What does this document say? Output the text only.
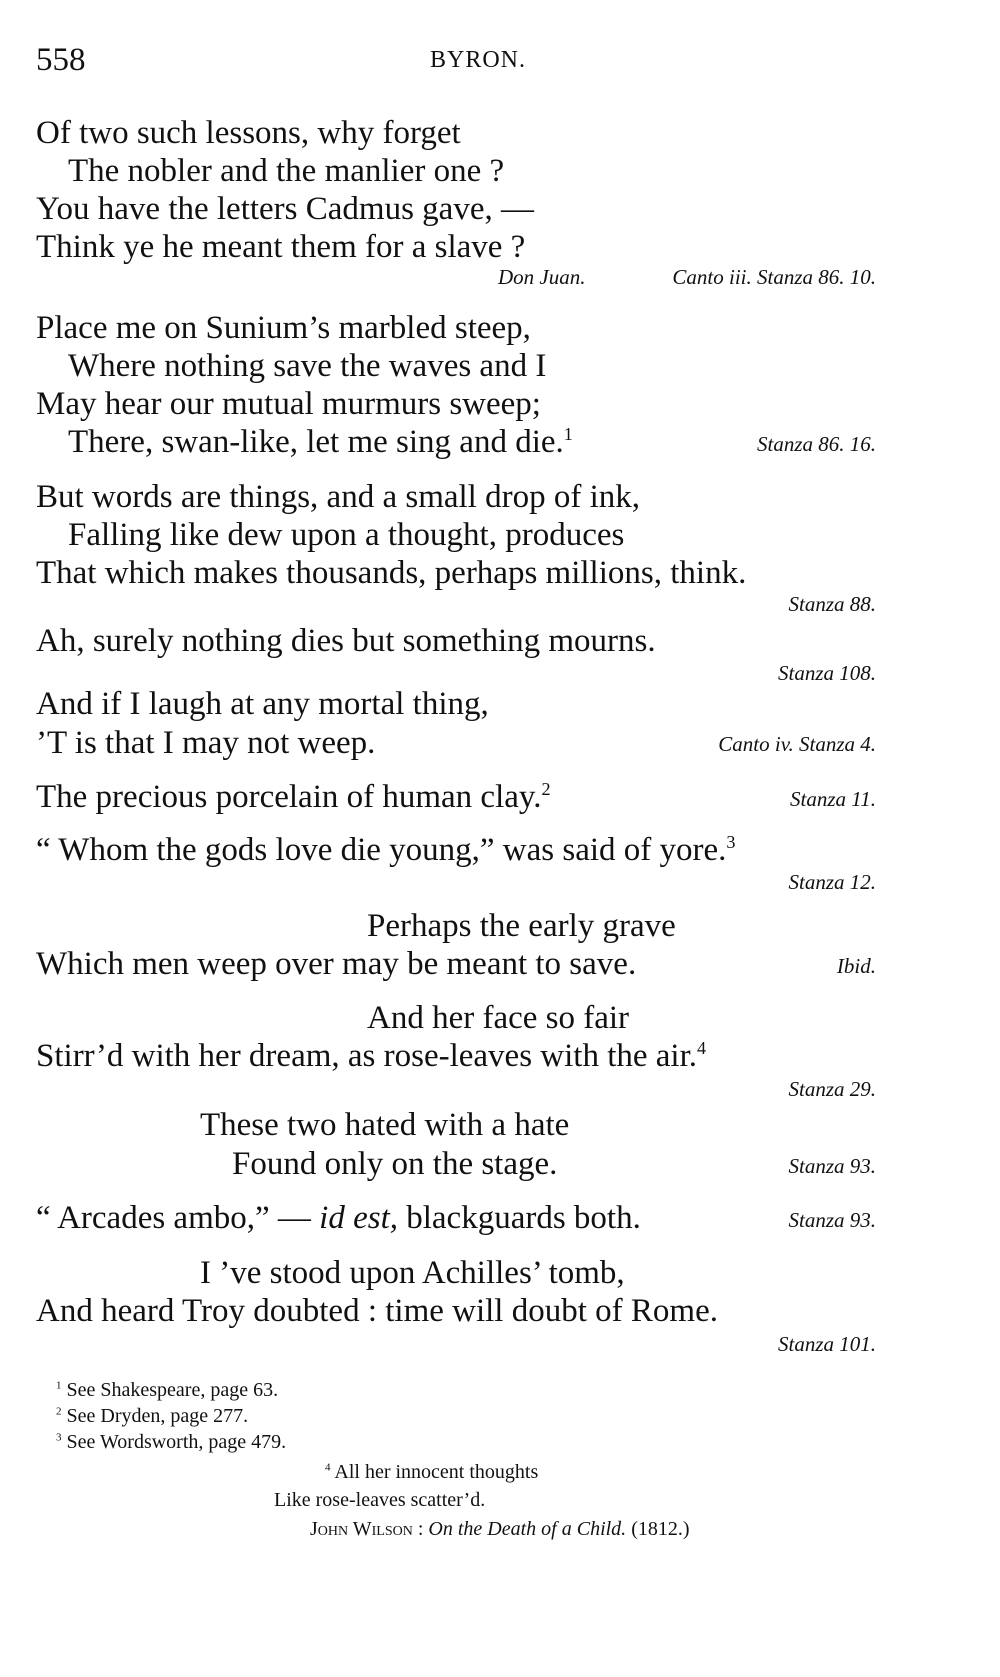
558	BYRON.
Of two such lessons, why forget
The nobler and the manlier one ?
You have the letters Cadmus gave, —
Think ye he meant them for a slave ?
Don Juan.	Canto iii. Stanza 86. 10.
Place me on Sunium’s marbled steep,
Where nothing save the waves and I
May hear our mutual murmurs sweep;
There, swan-like, let me sing and die.$^1$	Stanza 86. 16.
But words are things, and a small drop of ink,
Falling like dew upon a thought, produces
That which makes thousands, perhaps millions, think.
Stanza 88.
Ah, surely nothing dies but something mourns.
Stanza 108.
And if I laugh at any mortal thing,
’T is that I may not weep.	Canto iv. Stanza 4.
The precious porcelain of human clay.$^2$	Stanza 11.
“ Whom the gods love die young,” was said of yore.$^3$
Stanza 12.
Perhaps the early grave
Which men weep over may be meant to save.	Ibid.
And her face so fair
Stirr’d with her dream, as rose-leaves with the air.$^4$
Stanza 29.
These two hated with a hate
Found only on the stage.	Stanza 93.
“ Arcades ambo,” — id est, blackguards both.	Stanza 93.
I ’ve stood upon Achilles’ tomb,
And heard Troy doubted : time will doubt of Rome.
Stanza 101.
$^1$ See Shakespeare, page 63.
$^2$ See Dryden, page 277.
$^3$ See Wordsworth, page 479.
$^4$ All her innocent thoughts
Like rose-leaves scatter’d.
John Wilson : On the Death of a Child. (1812.)
